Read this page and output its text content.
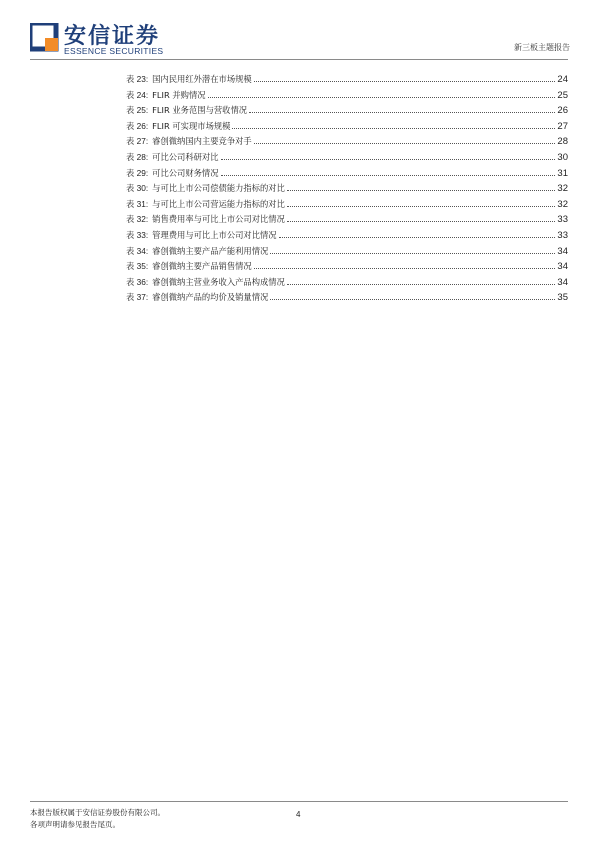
安信证券
ESSENCE SECURITIES	新三板主题报告
表 23: 国内民用红外潜在市场规模	24
表 24: FLIR 并购情况	25
表 25: FLIR 业务范围与营收情况	26
表 26: FLIR 可实现市场规模	27
表 27: 睿创微纳国内主要竞争对手	28
表 28: 可比公司科研对比	30
表 29: 可比公司财务情况	31
表 30: 与可比上市公司偿债能力指标的对比	32
表 31: 与可比上市公司营运能力指标的对比	32
表 32: 销售费用率与可比上市公司对比情况	33
表 33: 管理费用与可比上市公司对比情况	33
表 34: 睿创微纳主要产品产能利用情况	34
表 35: 睿创微纳主要产品销售情况	34
表 36: 睿创微纳主营业务收入产品构成情况	34
表 37: 睿创微纳产品的均价及销量情况	35
本报告版权属于安信证券股份有限公司。
各项声明请参见报告尾页。
4
